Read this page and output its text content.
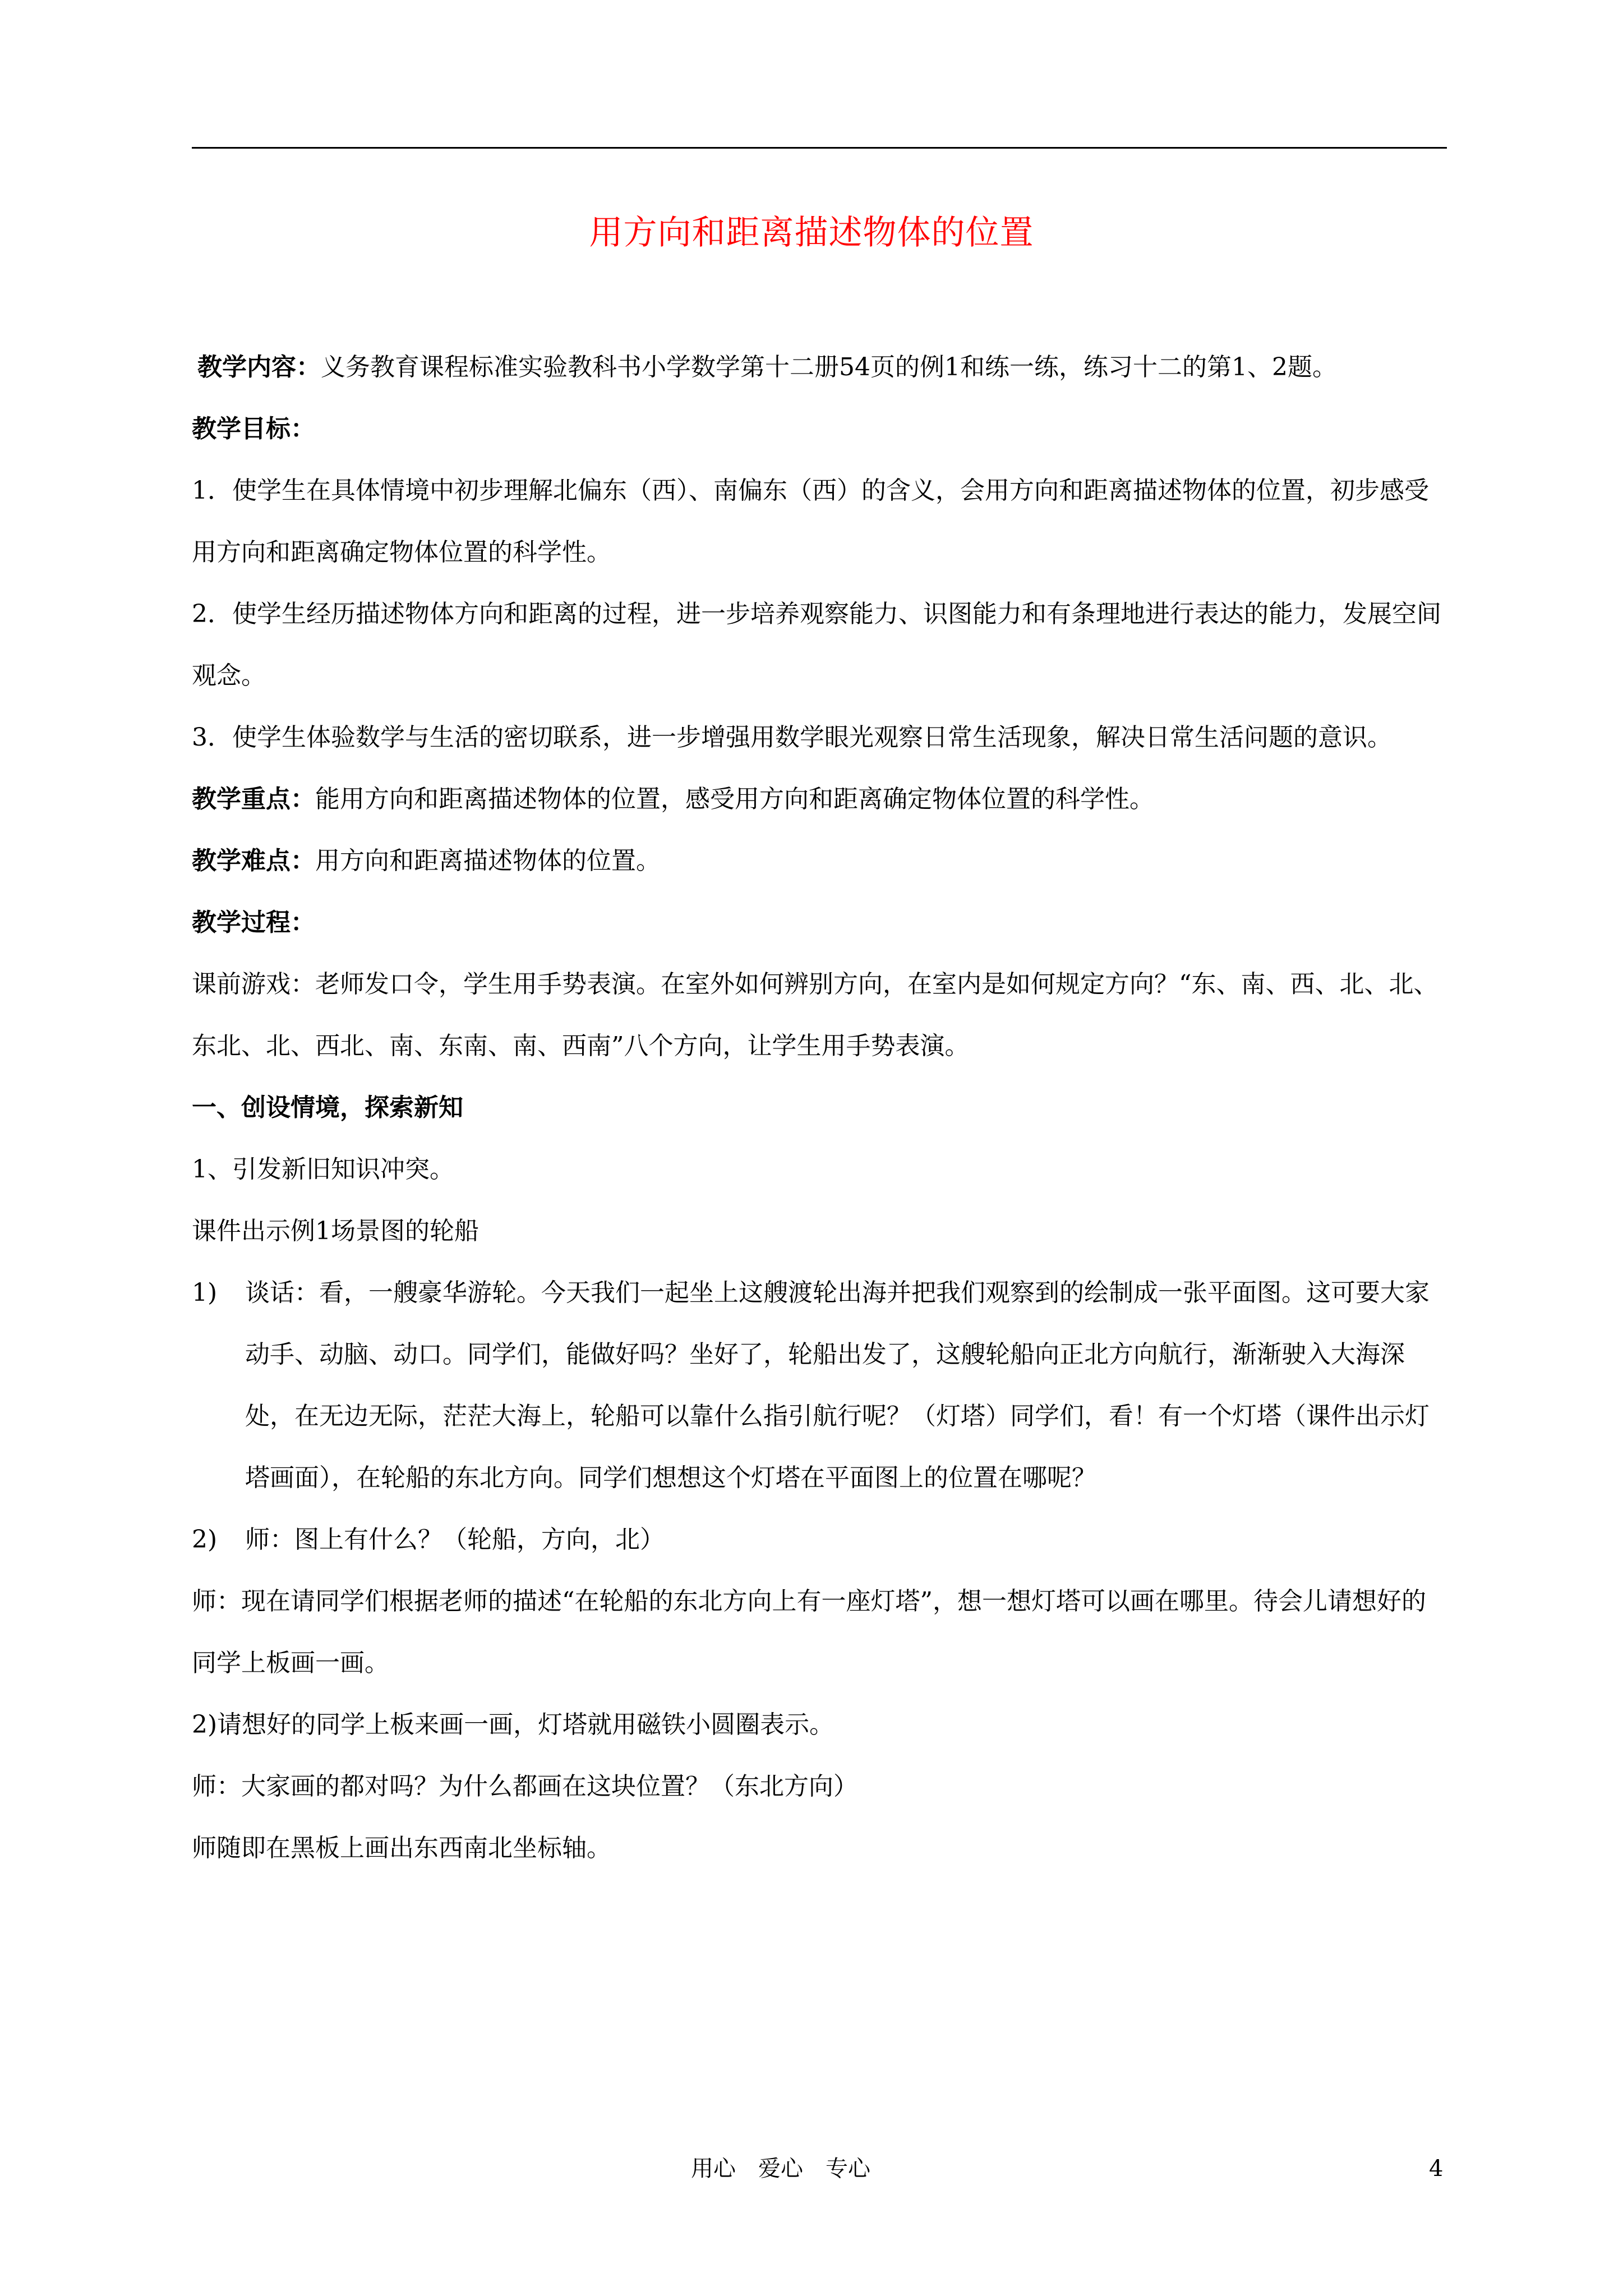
用方向和距离描述物体的位置

教学内容：义务教育课程标准实验教科书小学数学第十二册54页的例1和练一练，练习十二的第1、2题。

教学目标：

1．使学生在具体情境中初步理解北偏东（西）、南偏东（西）的含义，会用方向和距离描述物体的位置，初步感受用方向和距离确定物体位置的科学性。

2．使学生经历描述物体方向和距离的过程，进一步培养观察能力、识图能力和有条理地进行表达的能力，发展空间观念。

3．使学生体验数学与生活的密切联系，进一步增强用数学眼光观察日常生活现象，解决日常生活问题的意识。

教学重点：能用方向和距离描述物体的位置，感受用方向和距离确定物体位置的科学性。

教学难点：用方向和距离描述物体的位置。

教学过程：

课前游戏：老师发口令，学生用手势表演。在室外如何辨别方向，在室内是如何规定方向？“东、南、西、北、北、东北、北、西北、南、东南、南、西南”八个方向，让学生用手势表演。

一、创设情境，探索新知

1、引发新旧知识冲突。

课件出示例1场景图的轮船

1) 谈话：看，一艘豪华游轮。今天我们一起坐上这艘渡轮出海并把我们观察到的绘制成一张平面图。这可要大家动手、动脑、动口。同学们，能做好吗？坐好了，轮船出发了，这艘轮船向正北方向航行，渐渐驶入大海深处，在无边无际，茫茫大海上，轮船可以靠什么指引航行呢？（灯塔）同学们，看！有一个灯塔（课件出示灯塔画面），在轮船的东北方向。同学们想想这个灯塔在平面图上的位置在哪呢？

2) 师：图上有什么？（轮船，方向，北）

师：现在请同学们根据老师的描述“在轮船的东北方向上有一座灯塔”，想一想灯塔可以画在哪里。待会儿请想好的同学上板画一画。

2)请想好的同学上板来画一画，灯塔就用磁铁小圆圈表示。

师：大家画的都对吗？为什么都画在这块位置？（东北方向）

师随即在黑板上画出东西南北坐标轴。

用心　爱心　专心	4
